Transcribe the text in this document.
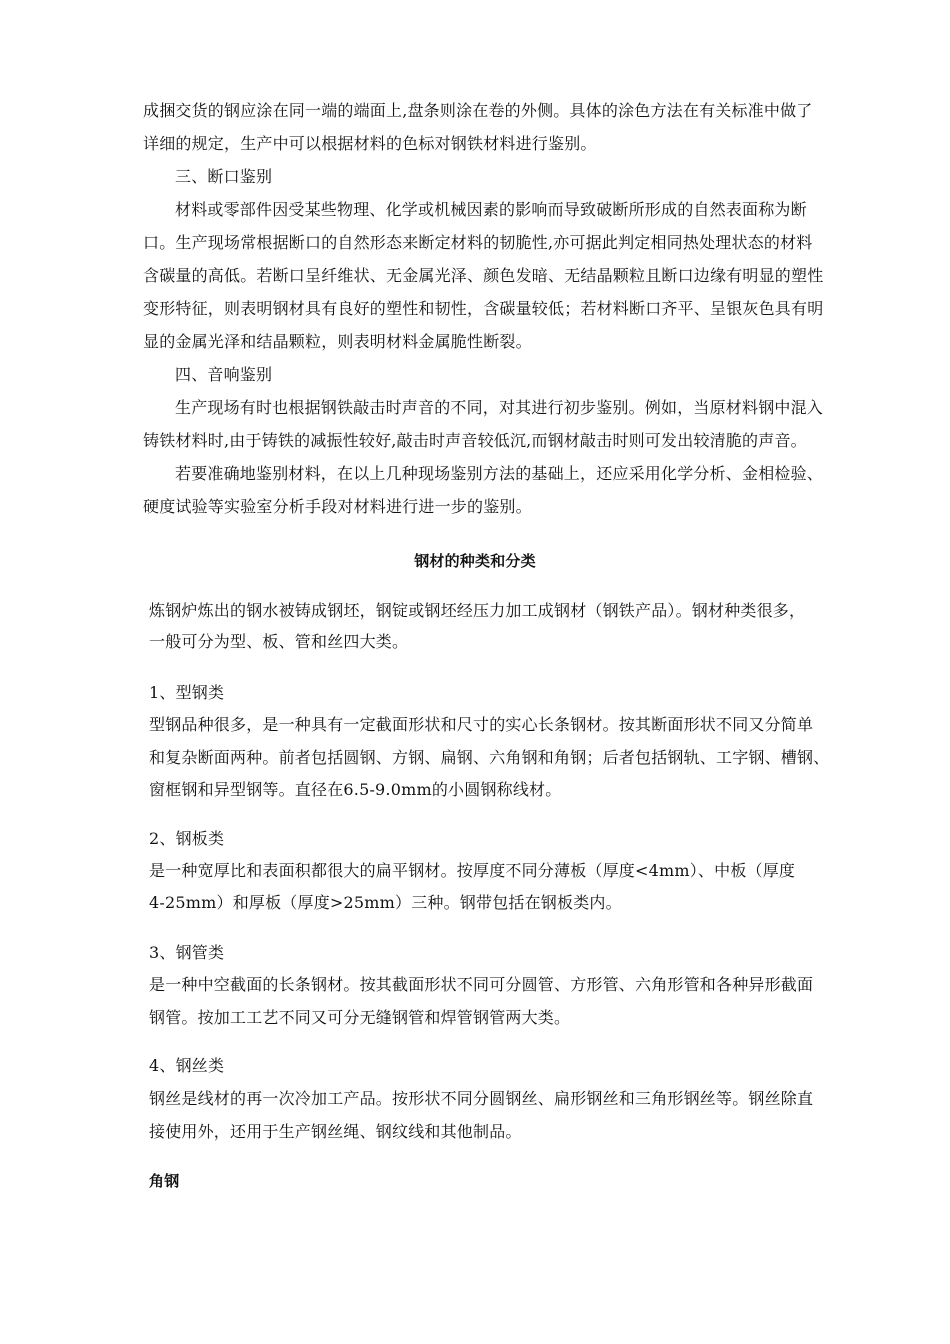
成捆交货的钢应涂在同一端的端面上,盘条则涂在卷的外侧。具体的涂色方法在有关标准中做了
详细的规定，生产中可以根据材料的色标对钢铁材料进行鉴别。
三、断口鉴别
材料或零部件因受某些物理、化学或机械因素的影响而导致破断所形成的自然表面称为断
口。生产现场常根据断口的自然形态来断定材料的韧脆性,亦可据此判定相同热处理状态的材料
含碳量的高低。若断口呈纤维状、无金属光泽、颜色发暗、无结晶颗粒且断口边缘有明显的塑性
变形特征，则表明钢材具有良好的塑性和韧性，含碳量较低；若材料断口齐平、呈银灰色具有明
显的金属光泽和结晶颗粒，则表明材料金属脆性断裂。
四、音响鉴别
生产现场有时也根据钢铁敲击时声音的不同，对其进行初步鉴别。例如，当原材料钢中混入
铸铁材料时,由于铸铁的减振性较好,敲击时声音较低沉,而钢材敲击时则可发出较清脆的声音。
若要准确地鉴别材料，在以上几种现场鉴别方法的基础上，还应采用化学分析、金相检验、
硬度试验等实验室分析手段对材料进行进一步的鉴别。
钢材的种类和分类
炼钢炉炼出的钢水被铸成钢坯，钢锭或钢坯经压力加工成钢材（钢铁产品）。钢材种类很多，
一般可分为型、板、管和丝四大类。
1、型钢类
型钢品种很多，是一种具有一定截面形状和尺寸的实心长条钢材。按其断面形状不同又分简单
和复杂断面两种。前者包括圆钢、方钢、扁钢、六角钢和角钢；后者包括钢轨、工字钢、槽钢、
窗框钢和异型钢等。直径在6.5-9.0mm的小圆钢称线材。
2、钢板类
是一种宽厚比和表面积都很大的扁平钢材。按厚度不同分薄板（厚度<4mm）、中板（厚度
4-25mm）和厚板（厚度>25mm）三种。钢带包括在钢板类内。
3、钢管类
是一种中空截面的长条钢材。按其截面形状不同可分圆管、方形管、六角形管和各种异形截面
钢管。按加工工艺不同又可分无缝钢管和焊管钢管两大类。
4、钢丝类
钢丝是线材的再一次冷加工产品。按形状不同分圆钢丝、扁形钢丝和三角形钢丝等。钢丝除直
接使用外，还用于生产钢丝绳、钢纹线和其他制品。
角钢
